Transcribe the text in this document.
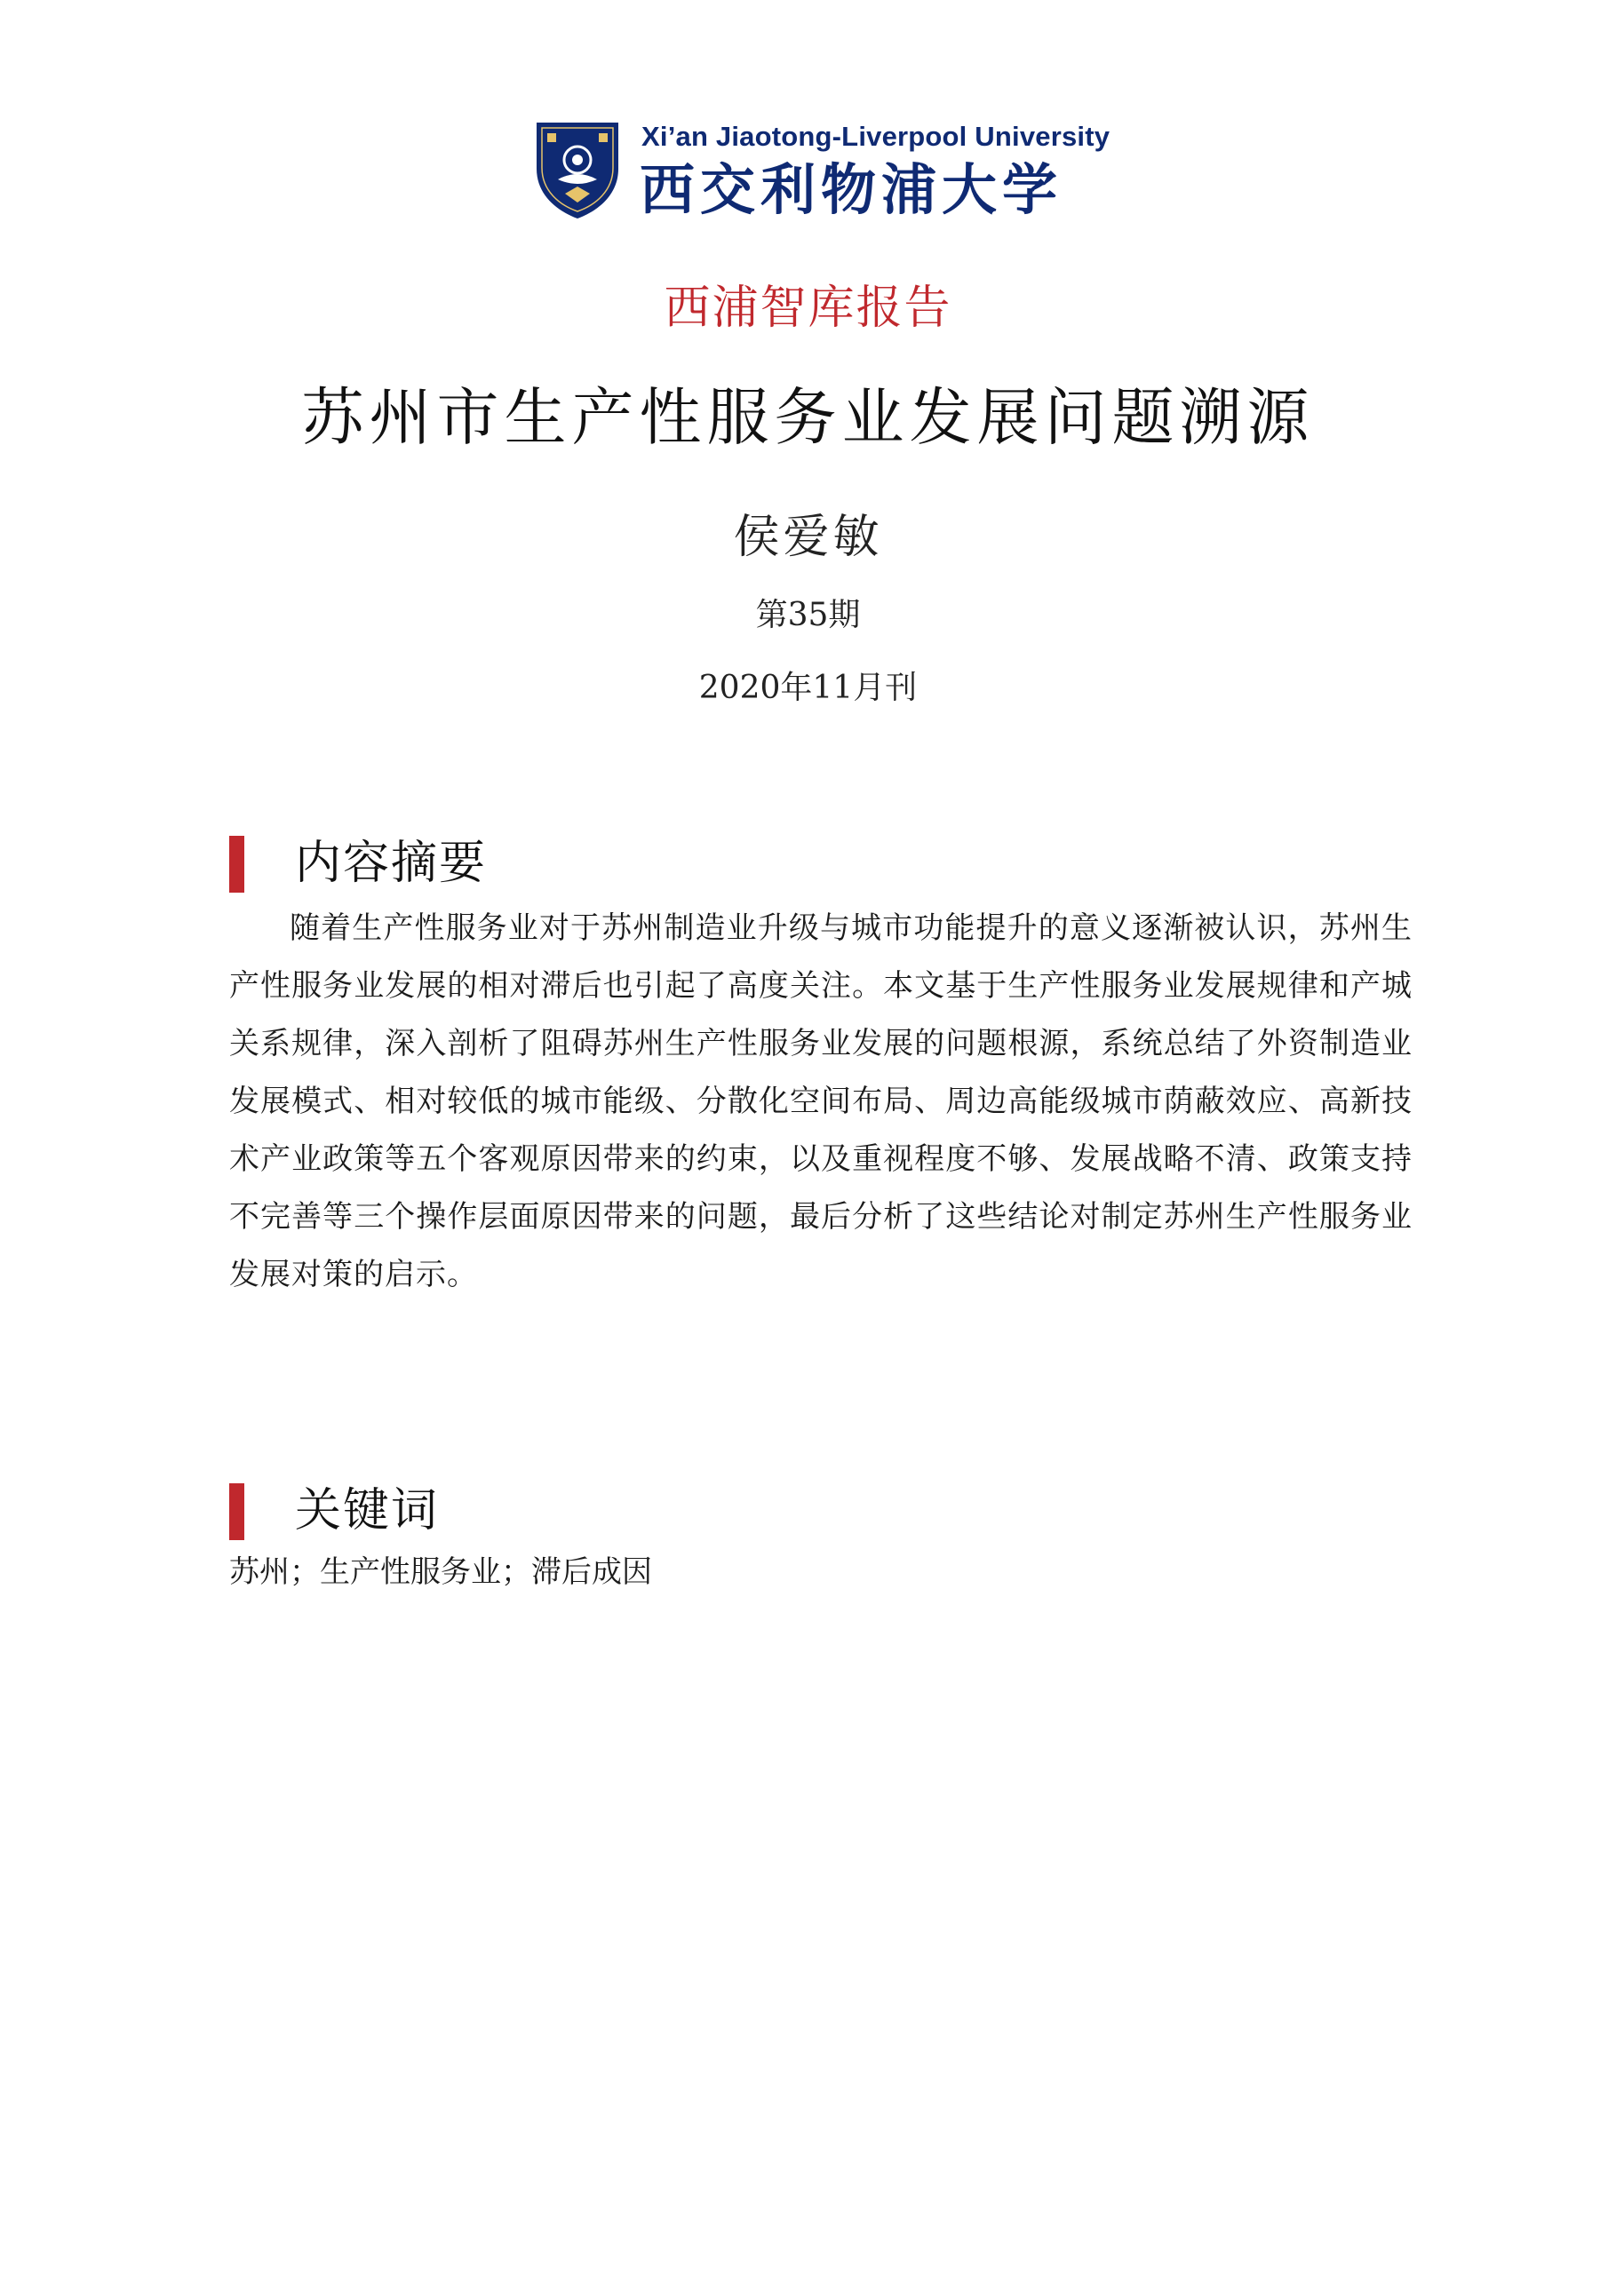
Xi’an Jiaotong-Liverpool University
西交利物浦大学
西浦智库报告
苏州市生产性服务业发展问题溯源
侯爱敏
第35期
2020年11月刊
内容摘要
随着生产性服务业对于苏州制造业升级与城市功能提升的意义逐渐被认识，苏州生产性服务业发展的相对滞后也引起了高度关注。本文基于生产性服务业发展规律和产城关系规律，深入剖析了阻碍苏州生产性服务业发展的问题根源，系统总结了外资制造业发展模式、相对较低的城市能级、分散化空间布局、周边高能级城市荫蔽效应、高新技术产业政策等五个客观原因带来的约束，以及重视程度不够、发展战略不清、政策支持不完善等三个操作层面原因带来的问题，最后分析了这些结论对制定苏州生产性服务业发展对策的启示。
关键词
苏州；生产性服务业；滞后成因
